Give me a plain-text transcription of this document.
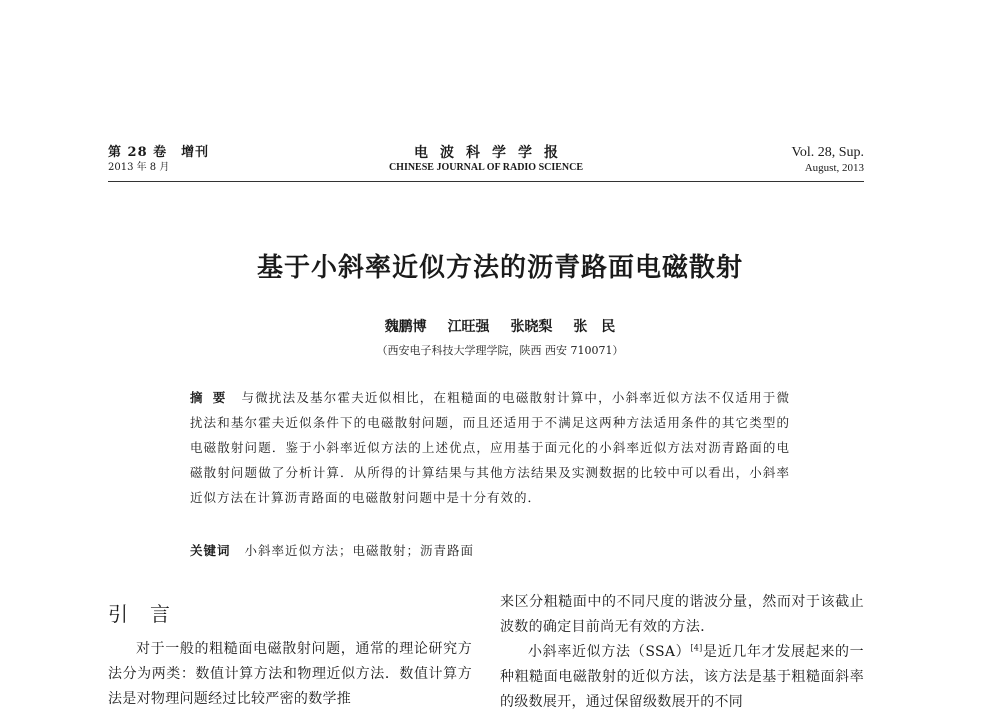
第 28 卷　增刊
2013 年 8 月
电波科学学报
CHINESE JOURNAL OF RADIO SCIENCE
Vol. 28, Sup.
August, 2013
基于小斜率近似方法的沥青路面电磁散射
魏鹏博 江旺强 张晓梨 张　民
（西安电子科技大学理学院，陕西 西安 710071）
摘要 与微扰法及基尔霍夫近似相比，在粗糙面的电磁散射计算中，小斜率近似方法不仅适用于微扰法和基尔霍夫近似条件下的电磁散射问题，而且还适用于不满足这两种方法适用条件的其它类型的电磁散射问题．鉴于小斜率近似方法的上述优点，应用基于面元化的小斜率近似方法对沥青路面的电磁散射问题做了分析计算．从所得的计算结果与其他方法结果及实测数据的比较中可以看出，小斜率近似方法在计算沥青路面的电磁散射问题中是十分有效的．
关键词 小斜率近似方法；电磁散射；沥青路面
引言

对于一般的粗糙面电磁散射问题，通常的理论研究方法分为两类：数值计算方法和物理近似方法．数值计算方法是对物理问题经过比较严密的数学推

来区分粗糙面中的不同尺度的谐波分量，然而对于该截止波数的确定目前尚无有效的方法．

小斜率近似方法（SSA）[4]是近几年才发展起来的一种粗糙面电磁散射的近似方法，该方法是基于粗糙面斜率的级数展开，通过保留级数展开的不同
